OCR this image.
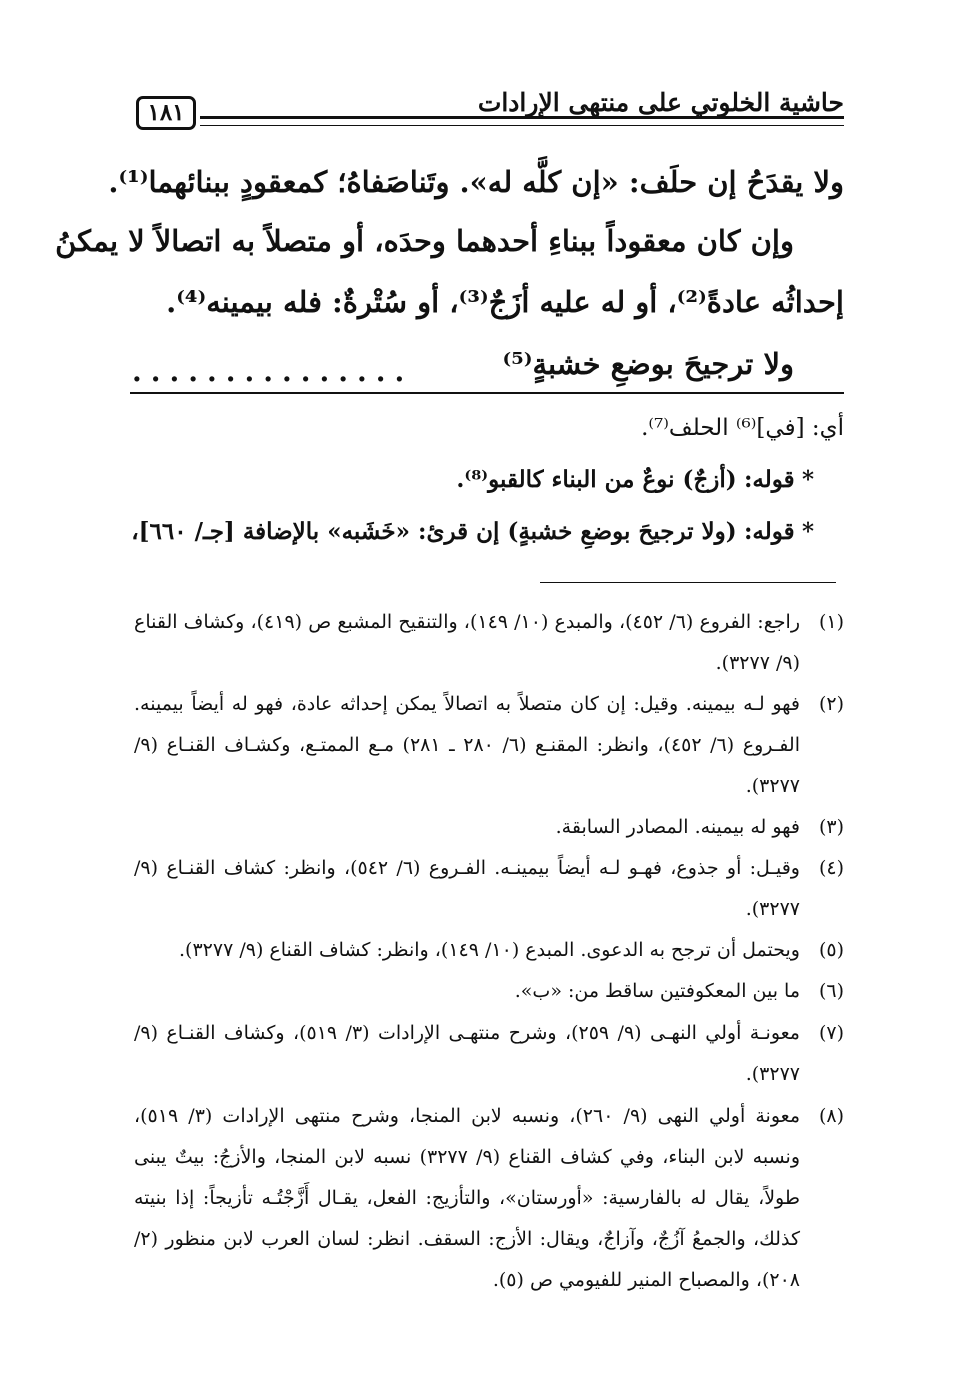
حاشية الخلوتي على منتهى الإرادات
١٨١
ولا يقدَحُ إن حلَف: «إن كلَّه له». وتَناصَفاهُ؛ كمعقودٍ ببنائهما⁽¹⁾.
وإن كان معقوداً ببناءِ أحدهما وحدَه، أو متصلاً به اتصالاً لا يمكنُ
إحداثُه عادةً⁽²⁾، أو له عليه أزَجٌ⁽³⁾، أو سُتْرةٌ: فله بيمينه⁽⁴⁾.
ولا ترجيحَ بوضعِ خشبةٍ⁽⁵⁾
...............
أي: [في]⁽⁶⁾ الحلف⁽⁷⁾.
* قوله: (أزجٌ) نوعٌ من البناء كالقبو⁽⁸⁾.
* قوله: (ولا ترجيحَ بوضعِ خشبةٍ) إن قرئ: «خَشَبه» بالإضافة [جـ/ ٦٦٠]،
(١)
راجع: الفروع (٦/ ٤٥٢)، والمبدع (١٠/ ١٤٩)، والتنقيح المشبع ص (٤١٩)، وكشاف القناع (٩/ ٣٢٧٧).
(٢)
فهو لـه بيمينه. وقيل: إن كان متصلاً به اتصالاً يمكن إحداثه عادة، فهو له أيضاً بيمينه. الفـروع (٦/ ٤٥٢)، وانظر: المقنـع (٦/ ٢٨٠ ـ ٢٨١) مـع الممتـع، وكشـاف القنـاع (٩/ ٣٢٧٧).
(٣)
فهو له بيمينه. المصادر السابقة.
(٤)
وقيـل: أو جذوع، فهـو لـه أيضاً بيمينـه. الفـروع (٦/ ٥٤٢)، وانظر: كشاف القنـاع (٩/ ٣٢٧٧).
(٥)
ويحتمل أن ترجح به الدعوى. المبدع (١٠/ ١٤٩)، وانظر: كشاف القناع (٩/ ٣٢٧٧).
(٦)
ما بين المعكوفتين ساقط من: «ب».
(٧)
معونـة أولي النهـى (٩/ ٢٥٩)، وشرح منتهـى الإرادات (٣/ ٥١٩)، وكشاف القنـاع (٩/ ٣٢٧٧).
(٨)
معونة أولي النهى (٩/ ٢٦٠)، ونسبه لابن المنجا، وشرح منتهى الإرادات (٣/ ٥١٩)، ونسبه لابن البناء، وفي كشاف القناع (٩/ ٣٢٧٧) نسبه لابن المنجا، والأزجُ: بيتٌ يبنى طولاً، يقال له بالفارسية: «أورستان»، والتأزيج: الفعل، يقـال أَزَّجْتُـه تأزيجاً: إذا بنيته كذلك، والجمعُ آزُجٌ، وآزاجٌ، ويقال: الأزج: السقف. انظر: لسان العرب لابن منظور (٢/ ٢٠٨)، والمصباح المنير للفيومي ص (٥).
